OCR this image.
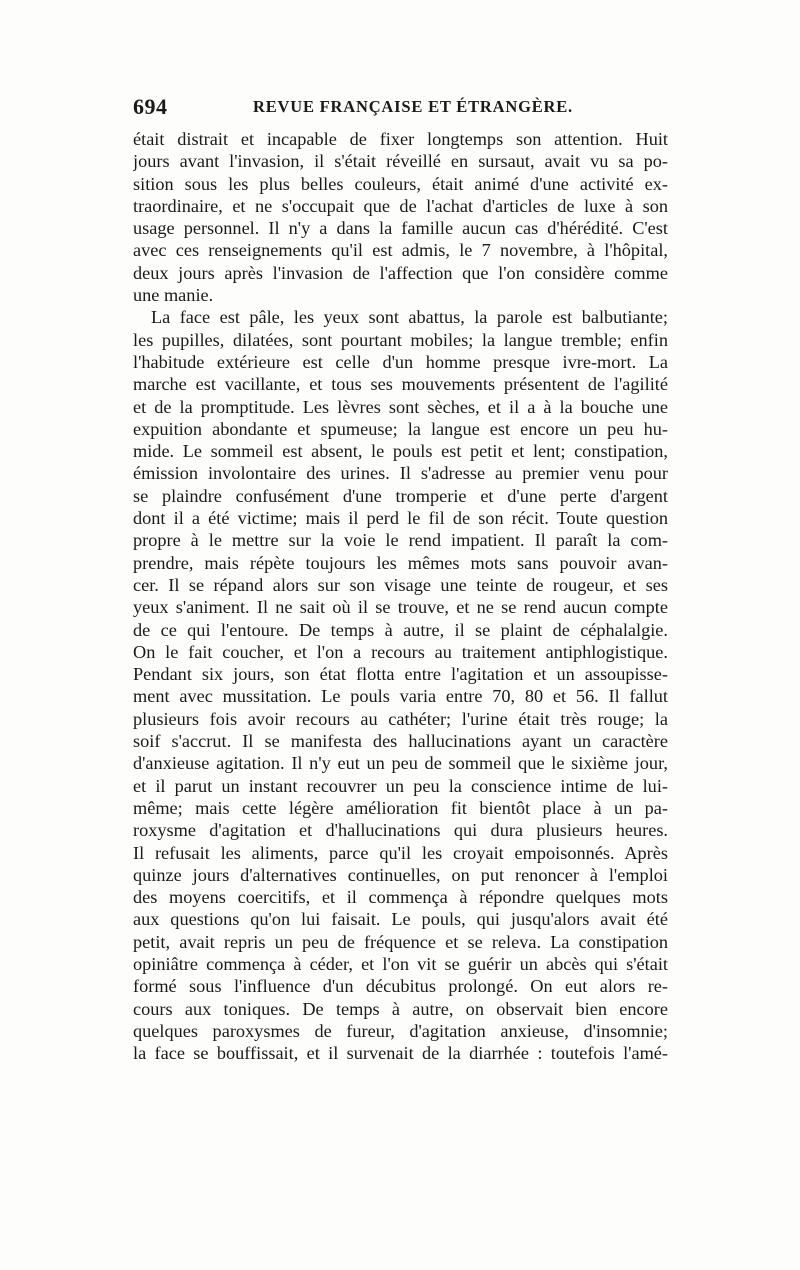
694	REVUE FRANÇAISE ET ÉTRANGÈRE.
était distrait et incapable de fixer longtemps son attention. Huit
jours avant l'invasion, il s'était réveillé en sursaut, avait vu sa po-
sition sous les plus belles couleurs, était animé d'une activité ex-
traordinaire, et ne s'occupait que de l'achat d'articles de luxe à son
usage personnel. Il n'y a dans la famille aucun cas d'hérédité. C'est
avec ces renseignements qu'il est admis, le 7 novembre, à l'hôpital,
deux jours après l'invasion de l'affection que l'on considère comme
une manie.
La face est pâle, les yeux sont abattus, la parole est balbutiante;
les pupilles, dilatées, sont pourtant mobiles; la langue tremble; enfin
l'habitude extérieure est celle d'un homme presque ivre-mort. La
marche est vacillante, et tous ses mouvements présentent de l'agilité
et de la promptitude. Les lèvres sont sèches, et il a à la bouche une
expuition abondante et spumeuse; la langue est encore un peu hu-
mide. Le sommeil est absent, le pouls est petit et lent; constipation,
émission involontaire des urines. Il s'adresse au premier venu pour
se plaindre confusément d'une tromperie et d'une perte d'argent
dont il a été victime; mais il perd le fil de son récit. Toute question
propre à le mettre sur la voie le rend impatient. Il paraît la com-
prendre, mais répète toujours les mêmes mots sans pouvoir avan-
cer. Il se répand alors sur son visage une teinte de rougeur, et ses
yeux s'animent. Il ne sait où il se trouve, et ne se rend aucun compte
de ce qui l'entoure. De temps à autre, il se plaint de céphalalgie.
On le fait coucher, et l'on a recours au traitement antiphlogistique.
Pendant six jours, son état flotta entre l'agitation et un assoupisse-
ment avec mussitation. Le pouls varia entre 70, 80 et 56. Il fallut
plusieurs fois avoir recours au cathéter; l'urine était très rouge; la
soif s'accrut. Il se manifesta des hallucinations ayant un caractère
d'anxieuse agitation. Il n'y eut un peu de sommeil que le sixième jour,
et il parut un instant recouvrer un peu la conscience intime de lui-
même; mais cette légère amélioration fit bientôt place à un pa-
roxysme d'agitation et d'hallucinations qui dura plusieurs heures.
Il refusait les aliments, parce qu'il les croyait empoisonnés. Après
quinze jours d'alternatives continuelles, on put renoncer à l'emploi
des moyens coercitifs, et il commença à répondre quelques mots
aux questions qu'on lui faisait. Le pouls, qui jusqu'alors avait été
petit, avait repris un peu de fréquence et se releva. La constipation
opiniâtre commença à céder, et l'on vit se guérir un abcès qui s'était
formé sous l'influence d'un décubitus prolongé. On eut alors re-
cours aux toniques. De temps à autre, on observait bien encore
quelques paroxysmes de fureur, d'agitation anxieuse, d'insomnie;
la face se bouffissait, et il survenait de la diarrhée : toutefois l'amé-
